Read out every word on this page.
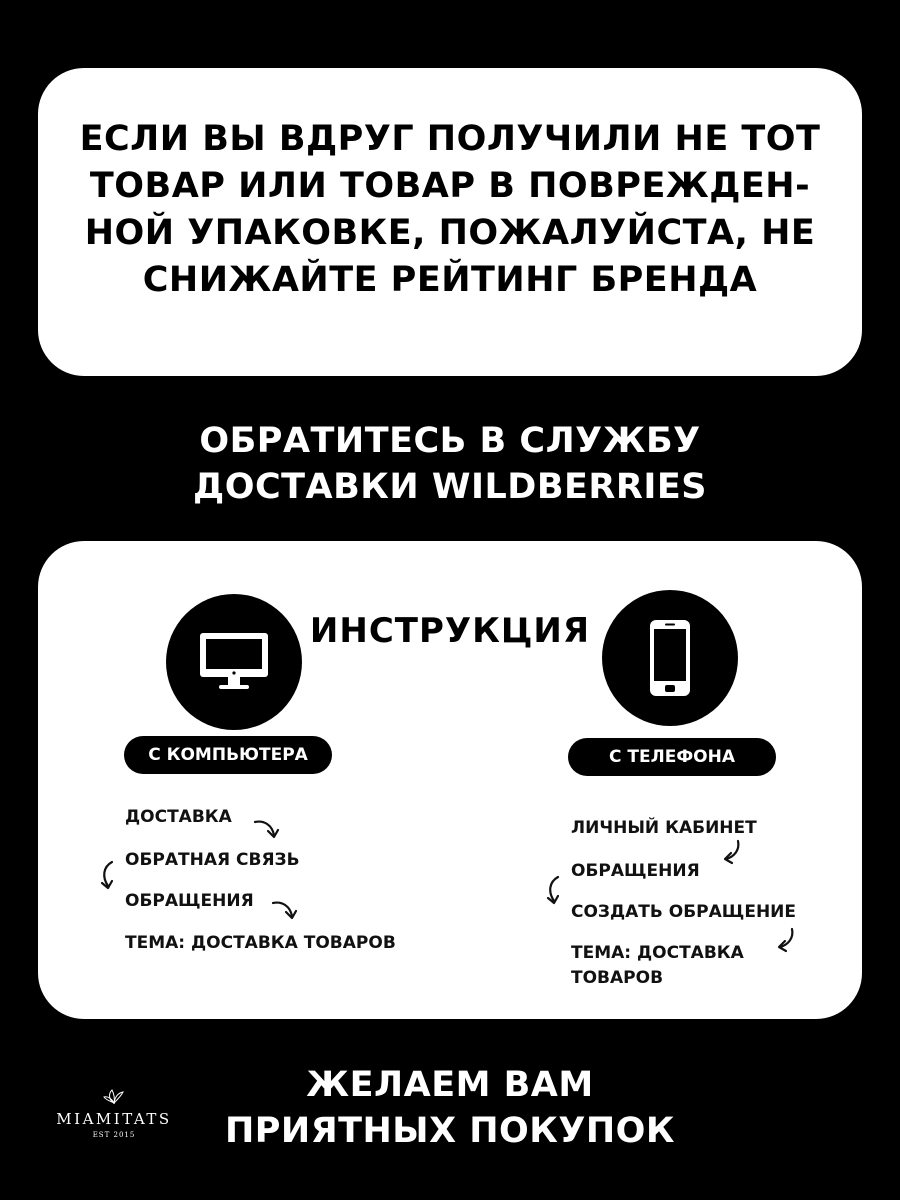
ЕСЛИ ВЫ ВДРУГ ПОЛУЧИЛИ НЕ ТОТ
ТОВАР ИЛИ ТОВАР В ПОВРЕЖДЕН-
НОЙ УПАКОВКЕ, ПОЖАЛУЙСТА, НЕ
СНИЖАЙТЕ РЕЙТИНГ БРЕНДА
ОБРАТИТЕСЬ В СЛУЖБУ
ДОСТАВКИ WILDBERRIES
ИНСТРУКЦИЯ
С КОМПЬЮТЕРА	С ТЕЛЕФОНА
ДОСТАВКА
ОБРАТНАЯ СВЯЗЬ
ОБРАЩЕНИЯ
ТЕМА: ДОСТАВКА ТОВАРОВ
ЛИЧНЫЙ КАБИНЕТ
ОБРАЩЕНИЯ
СОЗДАТЬ ОБРАЩЕНИЕ
ТЕМА: ДОСТАВКА
ТОВАРОВ
MIAMITATS
EST 2015
ЖЕЛАЕМ ВАМ
ПРИЯТНЫХ ПОКУПОК
